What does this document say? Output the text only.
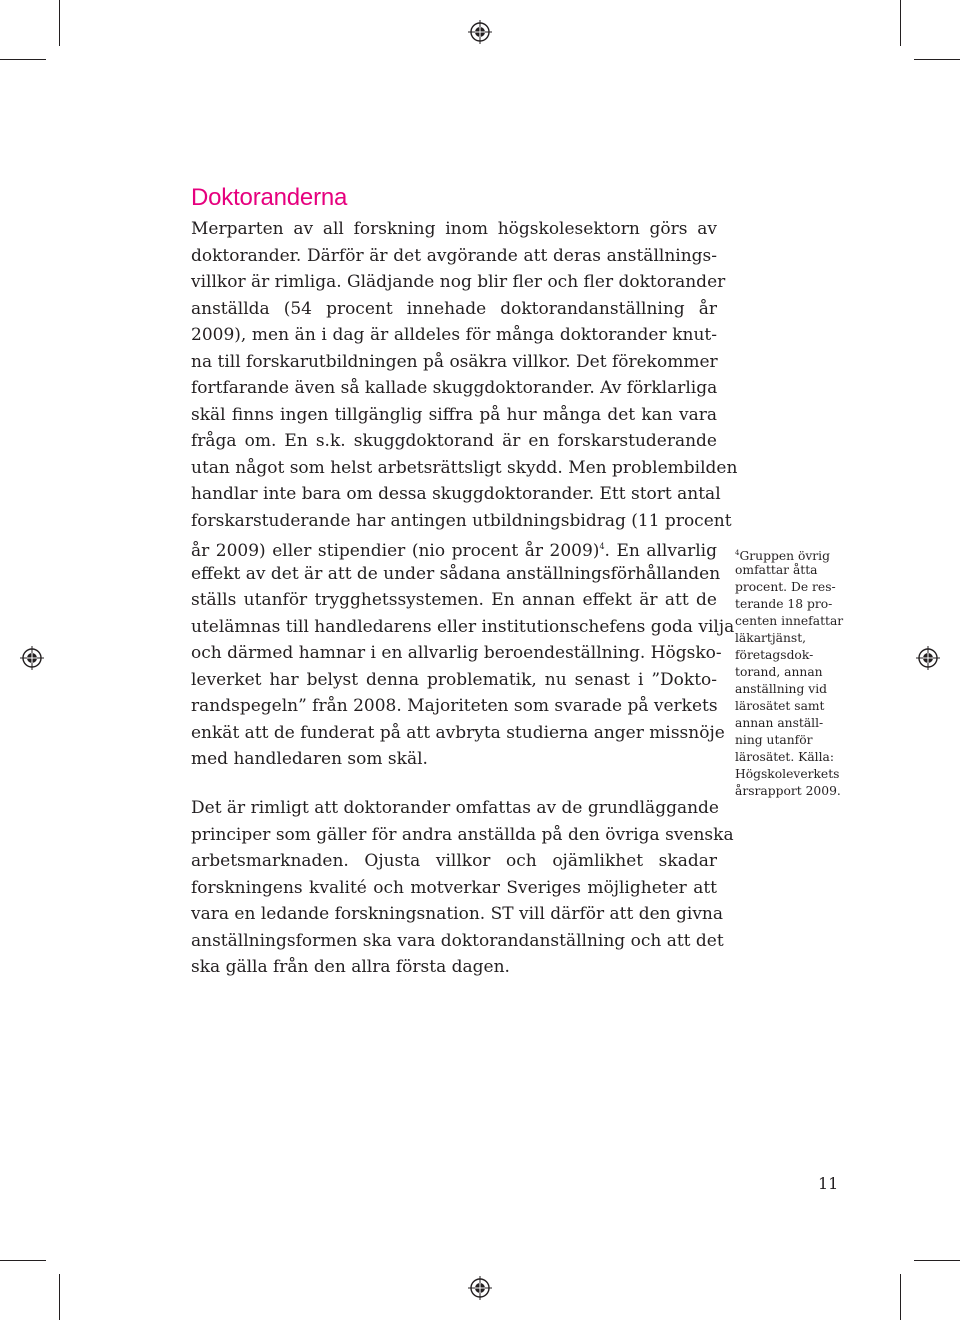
Doktoranderna
Merparten av all forskning inom högskolesektorn görs av
doktorander. Därför är det avgörande att deras anställnings-
villkor är rimliga. Glädjande nog blir fler och fler doktorander
anställda (54 procent innehade doktorandanställning år
2009), men än i dag är alldeles för många doktorander knut-
na till forskarutbildningen på osäkra villkor. Det förekommer
fortfarande även så kallade skuggdoktorander. Av förklarliga
skäl finns ingen tillgänglig siffra på hur många det kan vara
fråga om. En s.k. skuggdoktorand är en forskarstuderande
utan något som helst arbetsrättsligt skydd. Men problembilden
handlar inte bara om dessa skuggdoktorander. Ett stort antal
forskarstuderande har antingen utbildningsbidrag (11 procent
år 2009) eller stipendier (nio procent år 2009)$^4$. En allvarlig
effekt av det är att de under sådana anställningsförhållanden
ställs utanför trygghetssystemen. En annan effekt är att de
utelämnas till handledarens eller institutionschefens goda vilja
och därmed hamnar i en allvarlig beroendeställning. Högsko-
leverket har belyst denna problematik, nu senast i ”Dokto-
randspegeln” från 2008. Majoriteten som svarade på verkets
enkät att de funderat på att avbryta studierna anger missnöje
med handledaren som skäl.
Det är rimligt att doktorander omfattas av de grundläggande
principer som gäller för andra anställda på den övriga svenska
arbetsmarknaden. Ojusta villkor och ojämlikhet skadar
forskningens kvalité och motverkar Sveriges möjligheter att
vara en ledande forskningsnation. ST vill därför att den givna
anställningsformen ska vara doktorandanställning och att det
ska gälla från den allra första dagen.
$^4$Gruppen övrig
omfattar åtta
procent. De res-
terande 18 pro-
centen innefattar
läkartjänst,
företagsdok-
torand, annan
anställning vid
lärosätet samt
annan anställ-
ning utanför
lärosätet. Källa:
Högskoleverkets
årsrapport 2009.
11
